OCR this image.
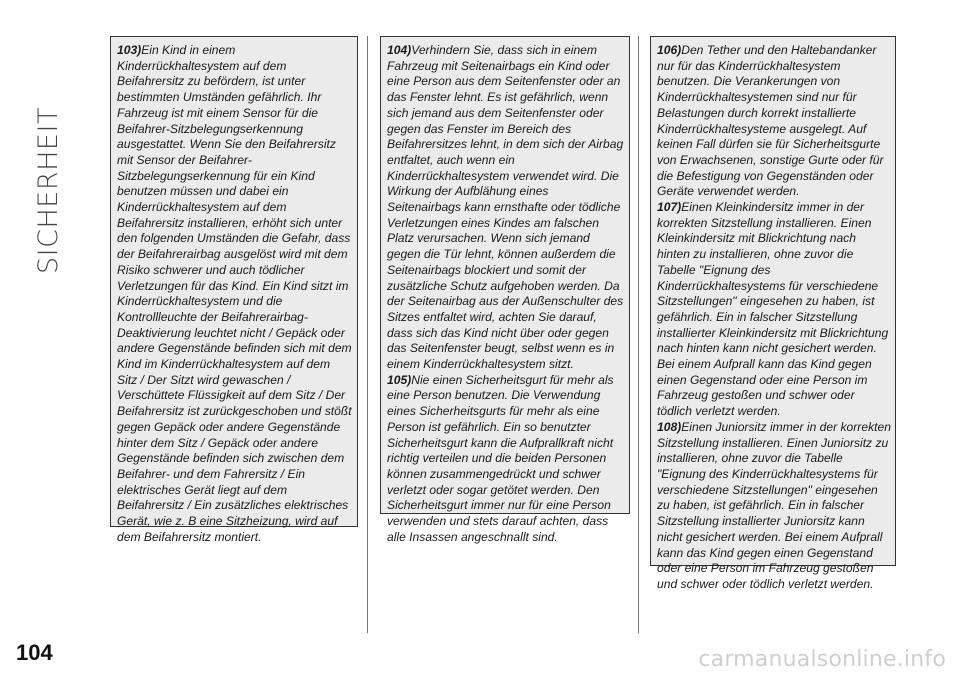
SICHERHEIT
104

103)Ein Kind in einem Kinderrückhaltesystem auf dem Beifahrersitz zu befördern, ist unter bestimmten Umständen gefährlich. Ihr Fahrzeug ist mit einem Sensor für die Beifahrer-Sitzbelegungserkennung ausgestattet. Wenn Sie den Beifahrersitz mit Sensor der Beifahrer-Sitzbelegungserkennung für ein Kind benutzen müssen und dabei ein Kinderrückhaltesystem auf dem Beifahrersitz installieren, erhöht sich unter den folgenden Umständen die Gefahr, dass der Beifahrerairbag ausgelöst wird mit dem Risiko schwerer und auch tödlicher Verletzungen für das Kind. Ein Kind sitzt im Kinderrückhaltesystem und die Kontrollleuchte der Beifahrerairbag-Deaktivierung leuchtet nicht / Gepäck oder andere Gegenstände befinden sich mit dem Kind im Kinderrückhaltesystem auf dem Sitz / Der Sitzt wird gewaschen / Verschüttete Flüssigkeit auf dem Sitz / Der Beifahrersitz ist zurückgeschoben und stößt gegen Gepäck oder andere Gegenstände hinter dem Sitz / Gepäck oder andere Gegenstände befinden sich zwischen dem Beifahrer- und dem Fahrersitz / Ein elektrisches Gerät liegt auf dem Beifahrersitz / Ein zusätzliches elektrisches Gerät, wie z. B eine Sitzheizung, wird auf dem Beifahrersitz montiert.

104)Verhindern Sie, dass sich in einem Fahrzeug mit Seitenairbags ein Kind oder eine Person aus dem Seitenfenster oder an das Fenster lehnt. Es ist gefährlich, wenn sich jemand aus dem Seitenfenster oder gegen das Fenster im Bereich des Beifahrersitzes lehnt, in dem sich der Airbag entfaltet, auch wenn ein Kinderrückhaltesystem verwendet wird. Die Wirkung der Aufblähung eines Seitenairbags kann ernsthafte oder tödliche Verletzungen eines Kindes am falschen Platz verursachen. Wenn sich jemand gegen die Tür lehnt, können außerdem die Seitenairbags blockiert und somit der zusätzliche Schutz aufgehoben werden. Da der Seitenairbag aus der Außenschulter des Sitzes entfaltet wird, achten Sie darauf, dass sich das Kind nicht über oder gegen das Seitenfenster beugt, selbst wenn es in einem Kinderrückhaltesystem sitzt.

105)Nie einen Sicherheitsgurt für mehr als eine Person benutzen. Die Verwendung eines Sicherheitsgurts für mehr als eine Person ist gefährlich. Ein so benutzter Sicherheitsgurt kann die Aufprallkraft nicht richtig verteilen und die beiden Personen können zusammengedrückt und schwer verletzt oder sogar getötet werden. Den Sicherheitsgurt immer nur für eine Person verwenden und stets darauf achten, dass alle Insassen angeschnallt sind.

106)Den Tether und den Haltebandanker nur für das Kinderrückhaltesystem benutzen. Die Verankerungen von Kinderrückhaltesystemen sind nur für Belastungen durch korrekt installierte Kinderrückhaltesysteme ausgelegt. Auf keinen Fall dürfen sie für Sicherheitsgurte von Erwachsenen, sonstige Gurte oder für die Befestigung von Gegenständen oder Geräte verwendet werden.

107)Einen Kleinkindersitz immer in der korrekten Sitzstellung installieren. Einen Kleinkindersitz mit Blickrichtung nach hinten zu installieren, ohne zuvor die Tabelle "Eignung des Kinderrückhaltesystems für verschiedene Sitzstellungen" eingesehen zu haben, ist gefährlich. Ein in falscher Sitzstellung installierter Kleinkindersitz mit Blickrichtung nach hinten kann nicht gesichert werden. Bei einem Aufprall kann das Kind gegen einen Gegenstand oder eine Person im Fahrzeug gestoßen und schwer oder tödlich verletzt werden.

108)Einen Juniorsitz immer in der korrekten Sitzstellung installieren. Einen Juniorsitz zu installieren, ohne zuvor die Tabelle "Eignung des Kinderrückhaltesystems für verschiedene Sitzstellungen" eingesehen zu haben, ist gefährlich. Ein in falscher Sitzstellung installierter Juniorsitz kann nicht gesichert werden. Bei einem Aufprall kann das Kind gegen einen Gegenstand oder eine Person im Fahrzeug gestoßen und schwer oder tödlich verletzt werden.

carmanualsonline.info
